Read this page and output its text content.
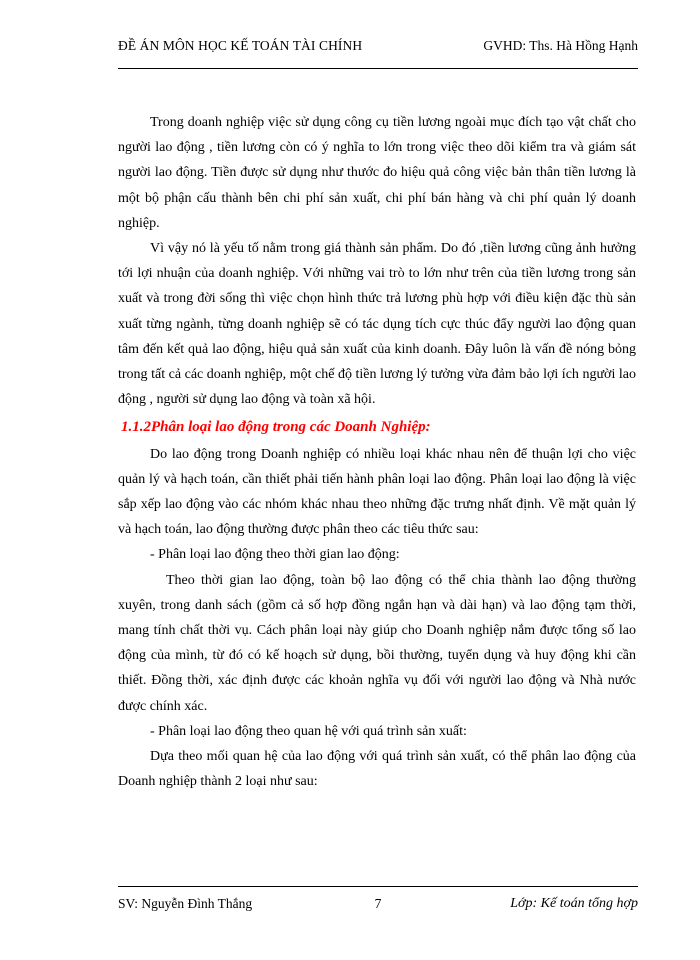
ĐỀ ÁN MÔN HỌC KẾ TOÁN TÀI CHÍNH	GVHD: Ths. Hà Hồng Hạnh

Trong doanh nghiệp việc sử dụng công cụ tiền lương ngoài mục đích tạo vật chất cho người lao động , tiền lương còn có ý nghĩa to lớn trong việc theo dõi kiểm tra và giám sát người lao động. Tiền được sử dụng như thước đo hiệu quả công việc bản thân tiền lương là một bộ phận cấu thành bên chi phí sản xuất, chi phí bán hàng và chi phí quản lý doanh nghiệp.

Vì vậy nó là yếu tố nằm trong giá thành sản phẩm. Do đó ,tiền lương cũng ảnh hưởng tới lợi nhuận của doanh nghiệp. Với những vai trò to lớn như trên của tiền lương trong sản xuất và trong đời sống thì việc chọn hình thức trả lương phù hợp với điều kiện đặc thù sản xuất từng ngành, từng doanh nghiệp sẽ có tác dụng tích cực thúc đẩy người lao động quan tâm đến kết quả lao động, hiệu quả sản xuất của kinh doanh. Đây luôn là vấn đề nóng bỏng trong tất cả các doanh nghiệp, một chế độ tiền lương lý tưởng vừa đảm bảo lợi ích người lao động , người sử dụng lao động và toàn xã hội.

1.1.2Phân loại lao động trong các Doanh Nghiệp:

Do lao động trong Doanh nghiệp có nhiều loại khác nhau nên để thuận lợi cho việc quản lý và hạch toán, cần thiết phải tiến hành phân loại lao động. Phân loại lao động là việc sắp xếp lao động vào các nhóm khác nhau theo những đặc trưng nhất định. Về mặt quản lý và hạch toán, lao động thường được phân theo các tiêu thức sau:

- Phân loại lao động theo thời gian lao động:

Theo thời gian lao động, toàn bộ lao động có thể chia thành lao động thường xuyên, trong danh sách (gồm cả số hợp đồng ngắn hạn và dài hạn) và lao động tạm thời, mang tính chất thời vụ. Cách phân loại này giúp cho Doanh nghiệp nắm được tổng số lao động của mình, từ đó có kế hoạch sử dụng, bồi thường, tuyển dụng và huy động khi cần thiết. Đồng thời, xác định được các khoản nghĩa vụ đối với người lao động và Nhà nước được chính xác.

- Phân loại lao động theo quan hệ với quá trình sản xuất:

Dựa theo mối quan hệ của lao động với quá trình sản xuất, có thể phân lao động của Doanh nghiệp thành 2 loại như sau:

SV: Nguyễn Đình Thắng	7	Lớp: Kế toán tổng hợp
